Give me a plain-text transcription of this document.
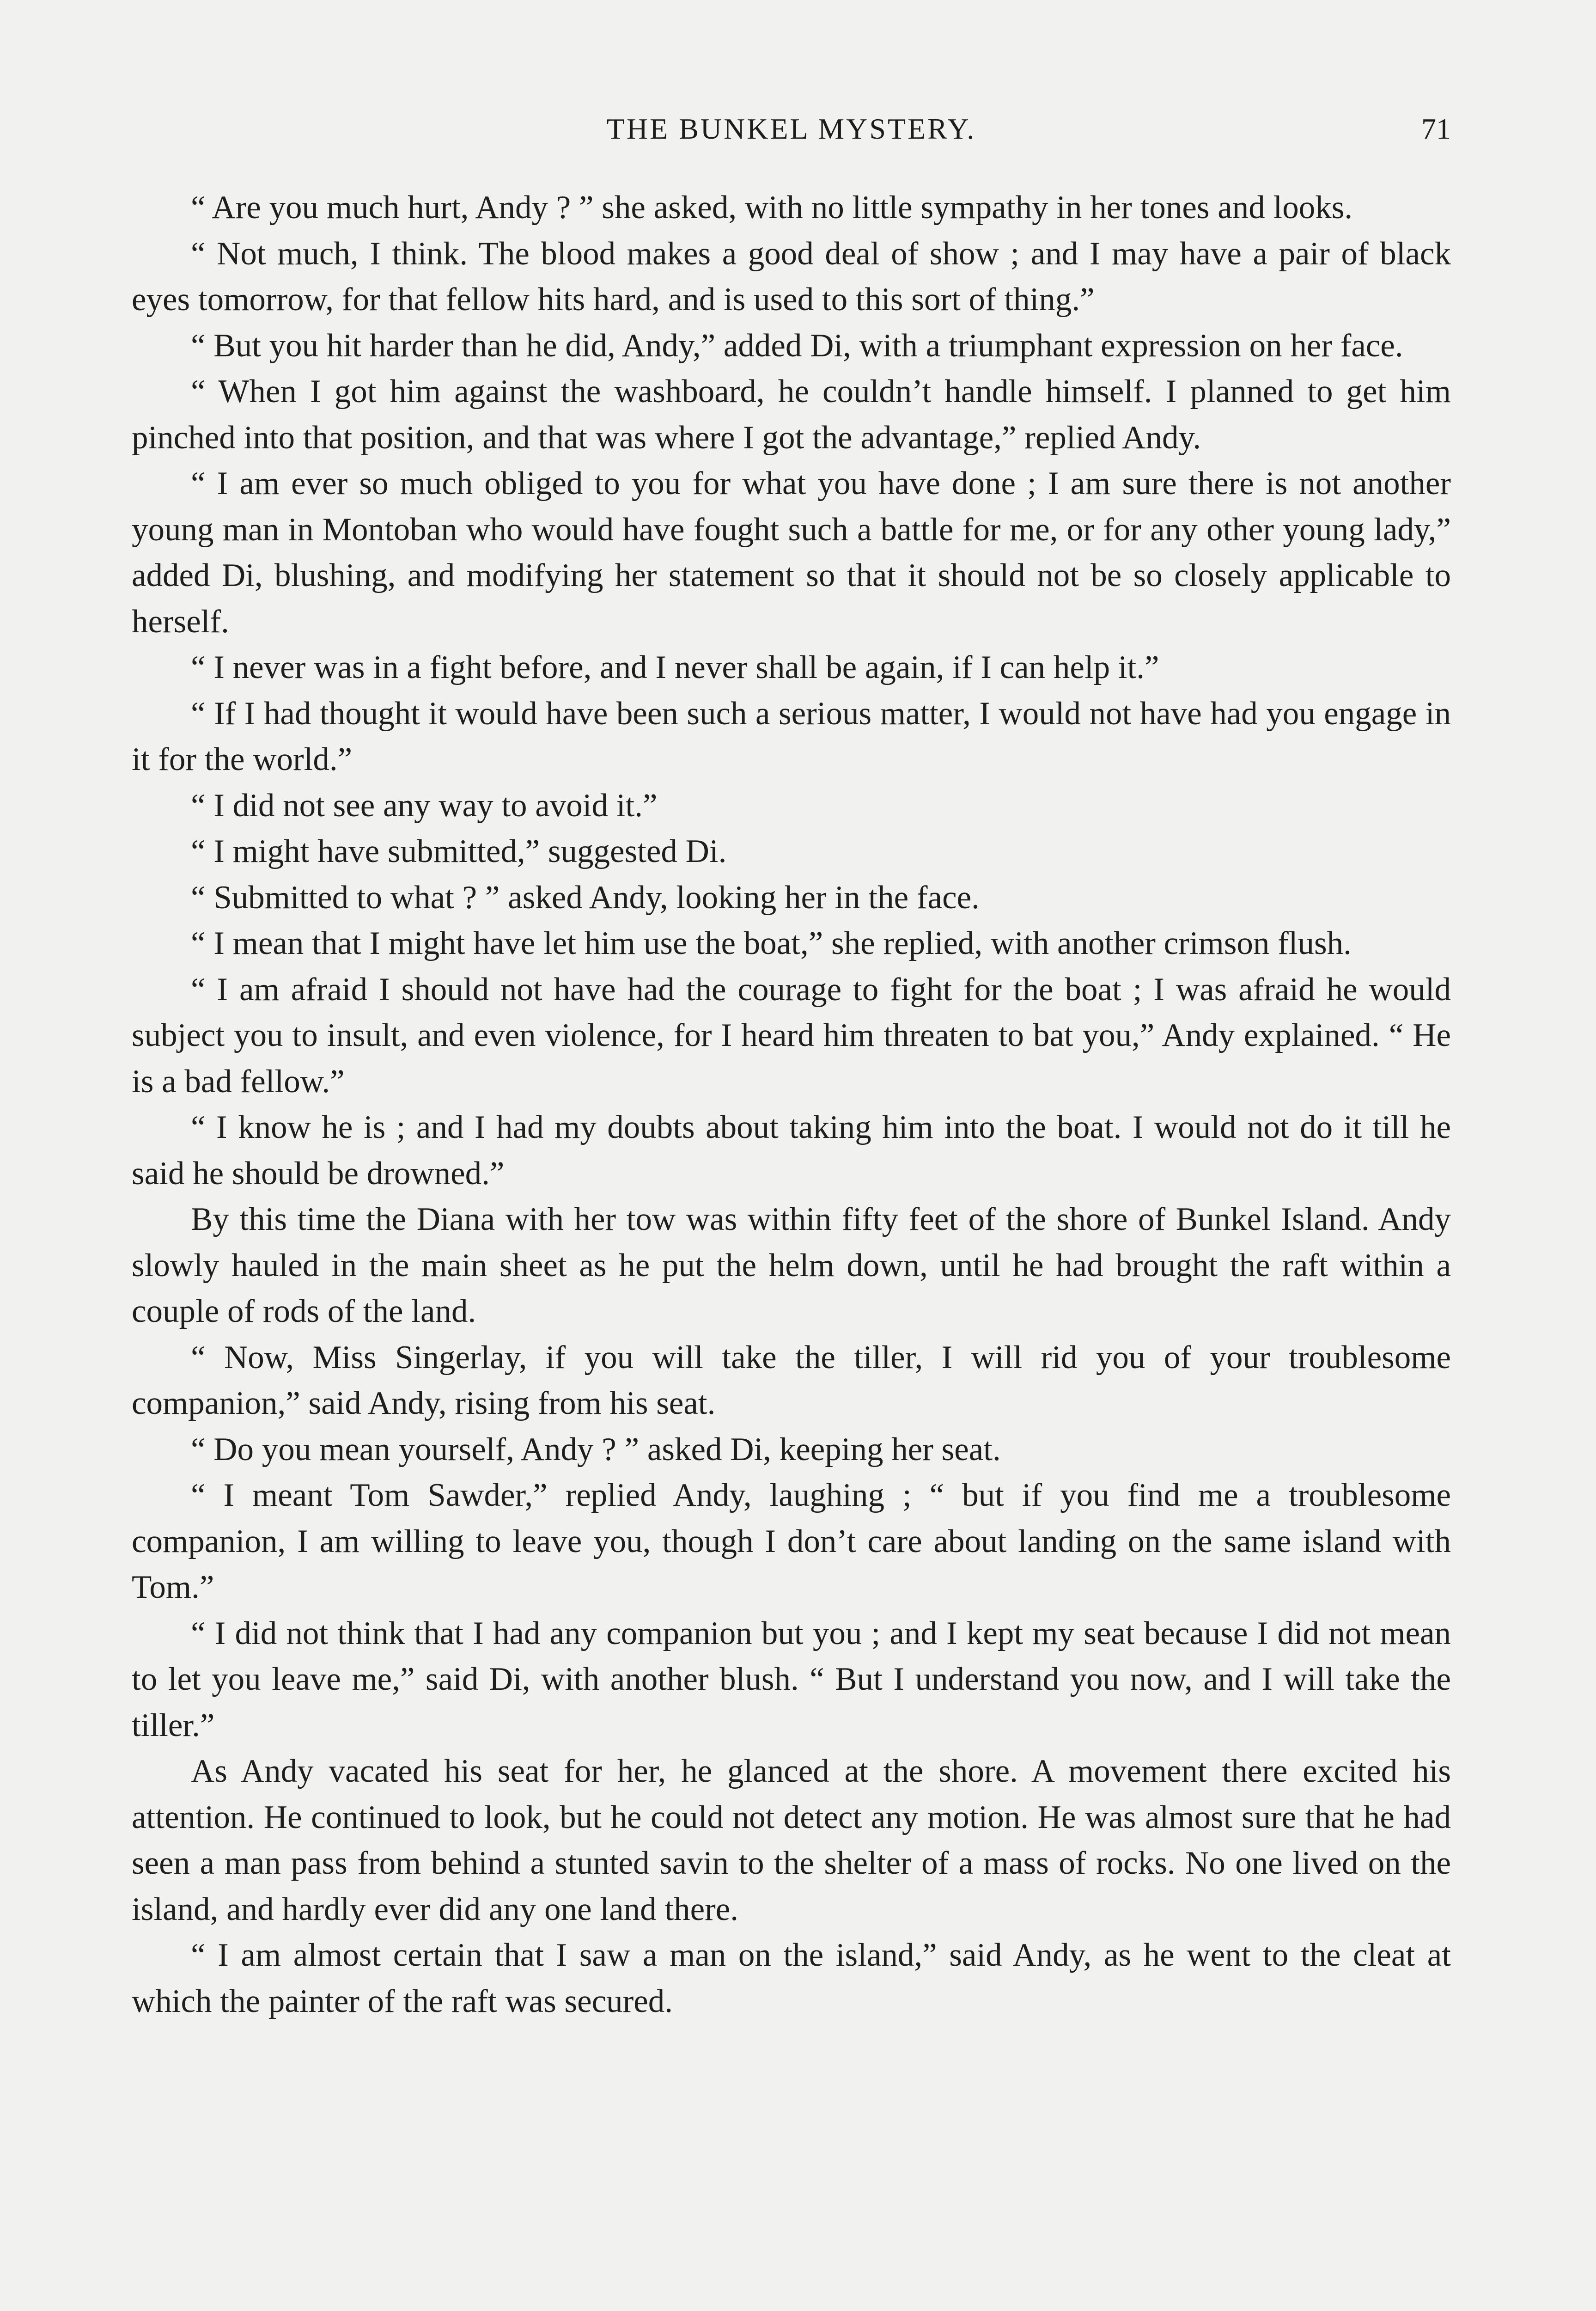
THE BUNKEL MYSTERY.	71

“ Are you much hurt, Andy ? ” she asked, with no little sympathy in her tones and looks.

“ Not much, I think. The blood makes a good deal of show ; and I may have a pair of black eyes tomorrow, for that fellow hits hard, and is used to this sort of thing.”

“ But you hit harder than he did, Andy,” added Di, with a triumphant expression on her face.

“ When I got him against the washboard, he couldn’t handle himself. I planned to get him pinched into that position, and that was where I got the advantage,” replied Andy.

“ I am ever so much obliged to you for what you have done ; I am sure there is not another young man in Montoban who would have fought such a battle for me, or for any other young lady,” added Di, blushing, and modifying her statement so that it should not be so closely applicable to herself.

“ I never was in a fight before, and I never shall be again, if I can help it.”

“ If I had thought it would have been such a serious matter, I would not have had you engage in it for the world.”

“ I did not see any way to avoid it.”

“ I might have submitted,” suggested Di.

“ Submitted to what ? ” asked Andy, looking her in the face.

“ I mean that I might have let him use the boat,” she replied, with another crimson flush.

“ I am afraid I should not have had the courage to fight for the boat ; I was afraid he would subject you to insult, and even violence, for I heard him threaten to bat you,” Andy explained. “ He is a bad fellow.”

“ I know he is ; and I had my doubts about taking him into the boat. I would not do it till he said he should be drowned.”

By this time the Diana with her tow was within fifty feet of the shore of Bunkel Island. Andy slowly hauled in the main sheet as he put the helm down, until he had brought the raft within a couple of rods of the land.

“ Now, Miss Singerlay, if you will take the tiller, I will rid you of your troublesome companion,” said Andy, rising from his seat.

“ Do you mean yourself, Andy ? ” asked Di, keeping her seat.

“ I meant Tom Sawder,” replied Andy, laughing ; “ but if you find me a troublesome companion, I am willing to leave you, though I don’t care about landing on the same island with Tom.”

“ I did not think that I had any companion but you ; and I kept my seat because I did not mean to let you leave me,” said Di, with another blush. “ But I understand you now, and I will take the tiller.”

As Andy vacated his seat for her, he glanced at the shore. A movement there excited his attention. He continued to look, but he could not detect any motion. He was almost sure that he had seen a man pass from behind a stunted savin to the shelter of a mass of rocks. No one lived on the island, and hardly ever did any one land there.

“ I am almost certain that I saw a man on the island,” said Andy, as he went to the cleat at which the painter of the raft was secured.
